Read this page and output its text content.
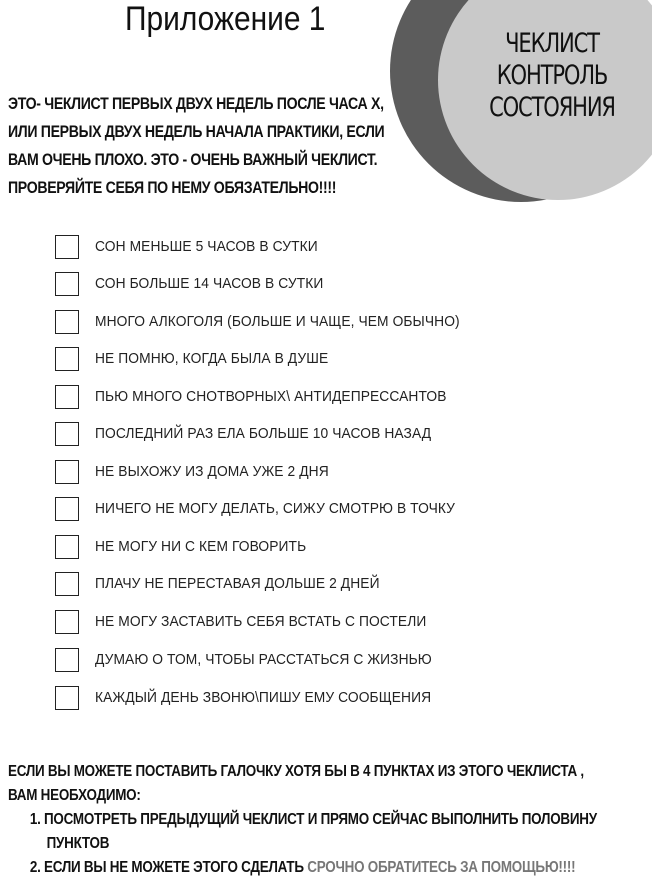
ЧЕКЛИСТ
КОНТРОЛЬ
СОСТОЯНИЯ
Приложение 1
ЭТО- ЧЕКЛИСТ ПЕРВЫХ ДВУХ НЕДЕЛЬ ПОСЛЕ ЧАСА Х,
ИЛИ ПЕРВЫХ ДВУХ НЕДЕЛЬ НАЧАЛА ПРАКТИКИ, ЕСЛИ
ВАМ ОЧЕНЬ ПЛОХО. ЭТО - ОЧЕНЬ ВАЖНЫЙ ЧЕКЛИСТ.
ПРОВЕРЯЙТЕ СЕБЯ ПО НЕМУ ОБЯЗАТЕЛЬНО!!!!
СОН МЕНЬШЕ 5 ЧАСОВ В СУТКИ
СОН БОЛЬШЕ 14 ЧАСОВ В СУТКИ
МНОГО АЛКОГОЛЯ (БОЛЬШЕ И ЧАЩЕ, ЧЕМ ОБЫЧНО)
НЕ ПОМНЮ, КОГДА БЫЛА В ДУШЕ
ПЬЮ МНОГО СНОТВОРНЫХ\ АНТИДЕПРЕССАНТОВ
ПОСЛЕДНИЙ РАЗ ЕЛА БОЛЬШЕ 10 ЧАСОВ НАЗАД
НЕ ВЫХОЖУ ИЗ ДОМА УЖЕ 2 ДНЯ
НИЧЕГО НЕ МОГУ ДЕЛАТЬ, СИЖУ СМОТРЮ В ТОЧКУ
НЕ МОГУ НИ С КЕМ ГОВОРИТЬ
ПЛАЧУ НЕ ПЕРЕСТАВАЯ ДОЛЬШЕ 2 ДНЕЙ
НЕ МОГУ ЗАСТАВИТЬ СЕБЯ ВСТАТЬ С ПОСТЕЛИ
ДУМАЮ О ТОМ, ЧТОБЫ РАССТАТЬСЯ С ЖИЗНЬЮ
КАЖДЫЙ ДЕНЬ ЗВОНЮ\ПИШУ ЕМУ СООБЩЕНИЯ
ЕСЛИ ВЫ МОЖЕТЕ ПОСТАВИТЬ ГАЛОЧКУ ХОТЯ БЫ В 4 ПУНКТАХ ИЗ ЭТОГО ЧЕКЛИСТА ,
ВАМ НЕОБХОДИМО:
1. ПОСМОТРЕТЬ ПРЕДЫДУЩИЙ ЧЕКЛИСТ И ПРЯМО СЕЙЧАС ВЫПОЛНИТЬ ПОЛОВИНУ
ПУНКТОВ
2. ЕСЛИ ВЫ НЕ МОЖЕТЕ ЭТОГО СДЕЛАТЬ СРОЧНО ОБРАТИТЕСЬ ЗА ПОМОЩЬЮ!!!!
